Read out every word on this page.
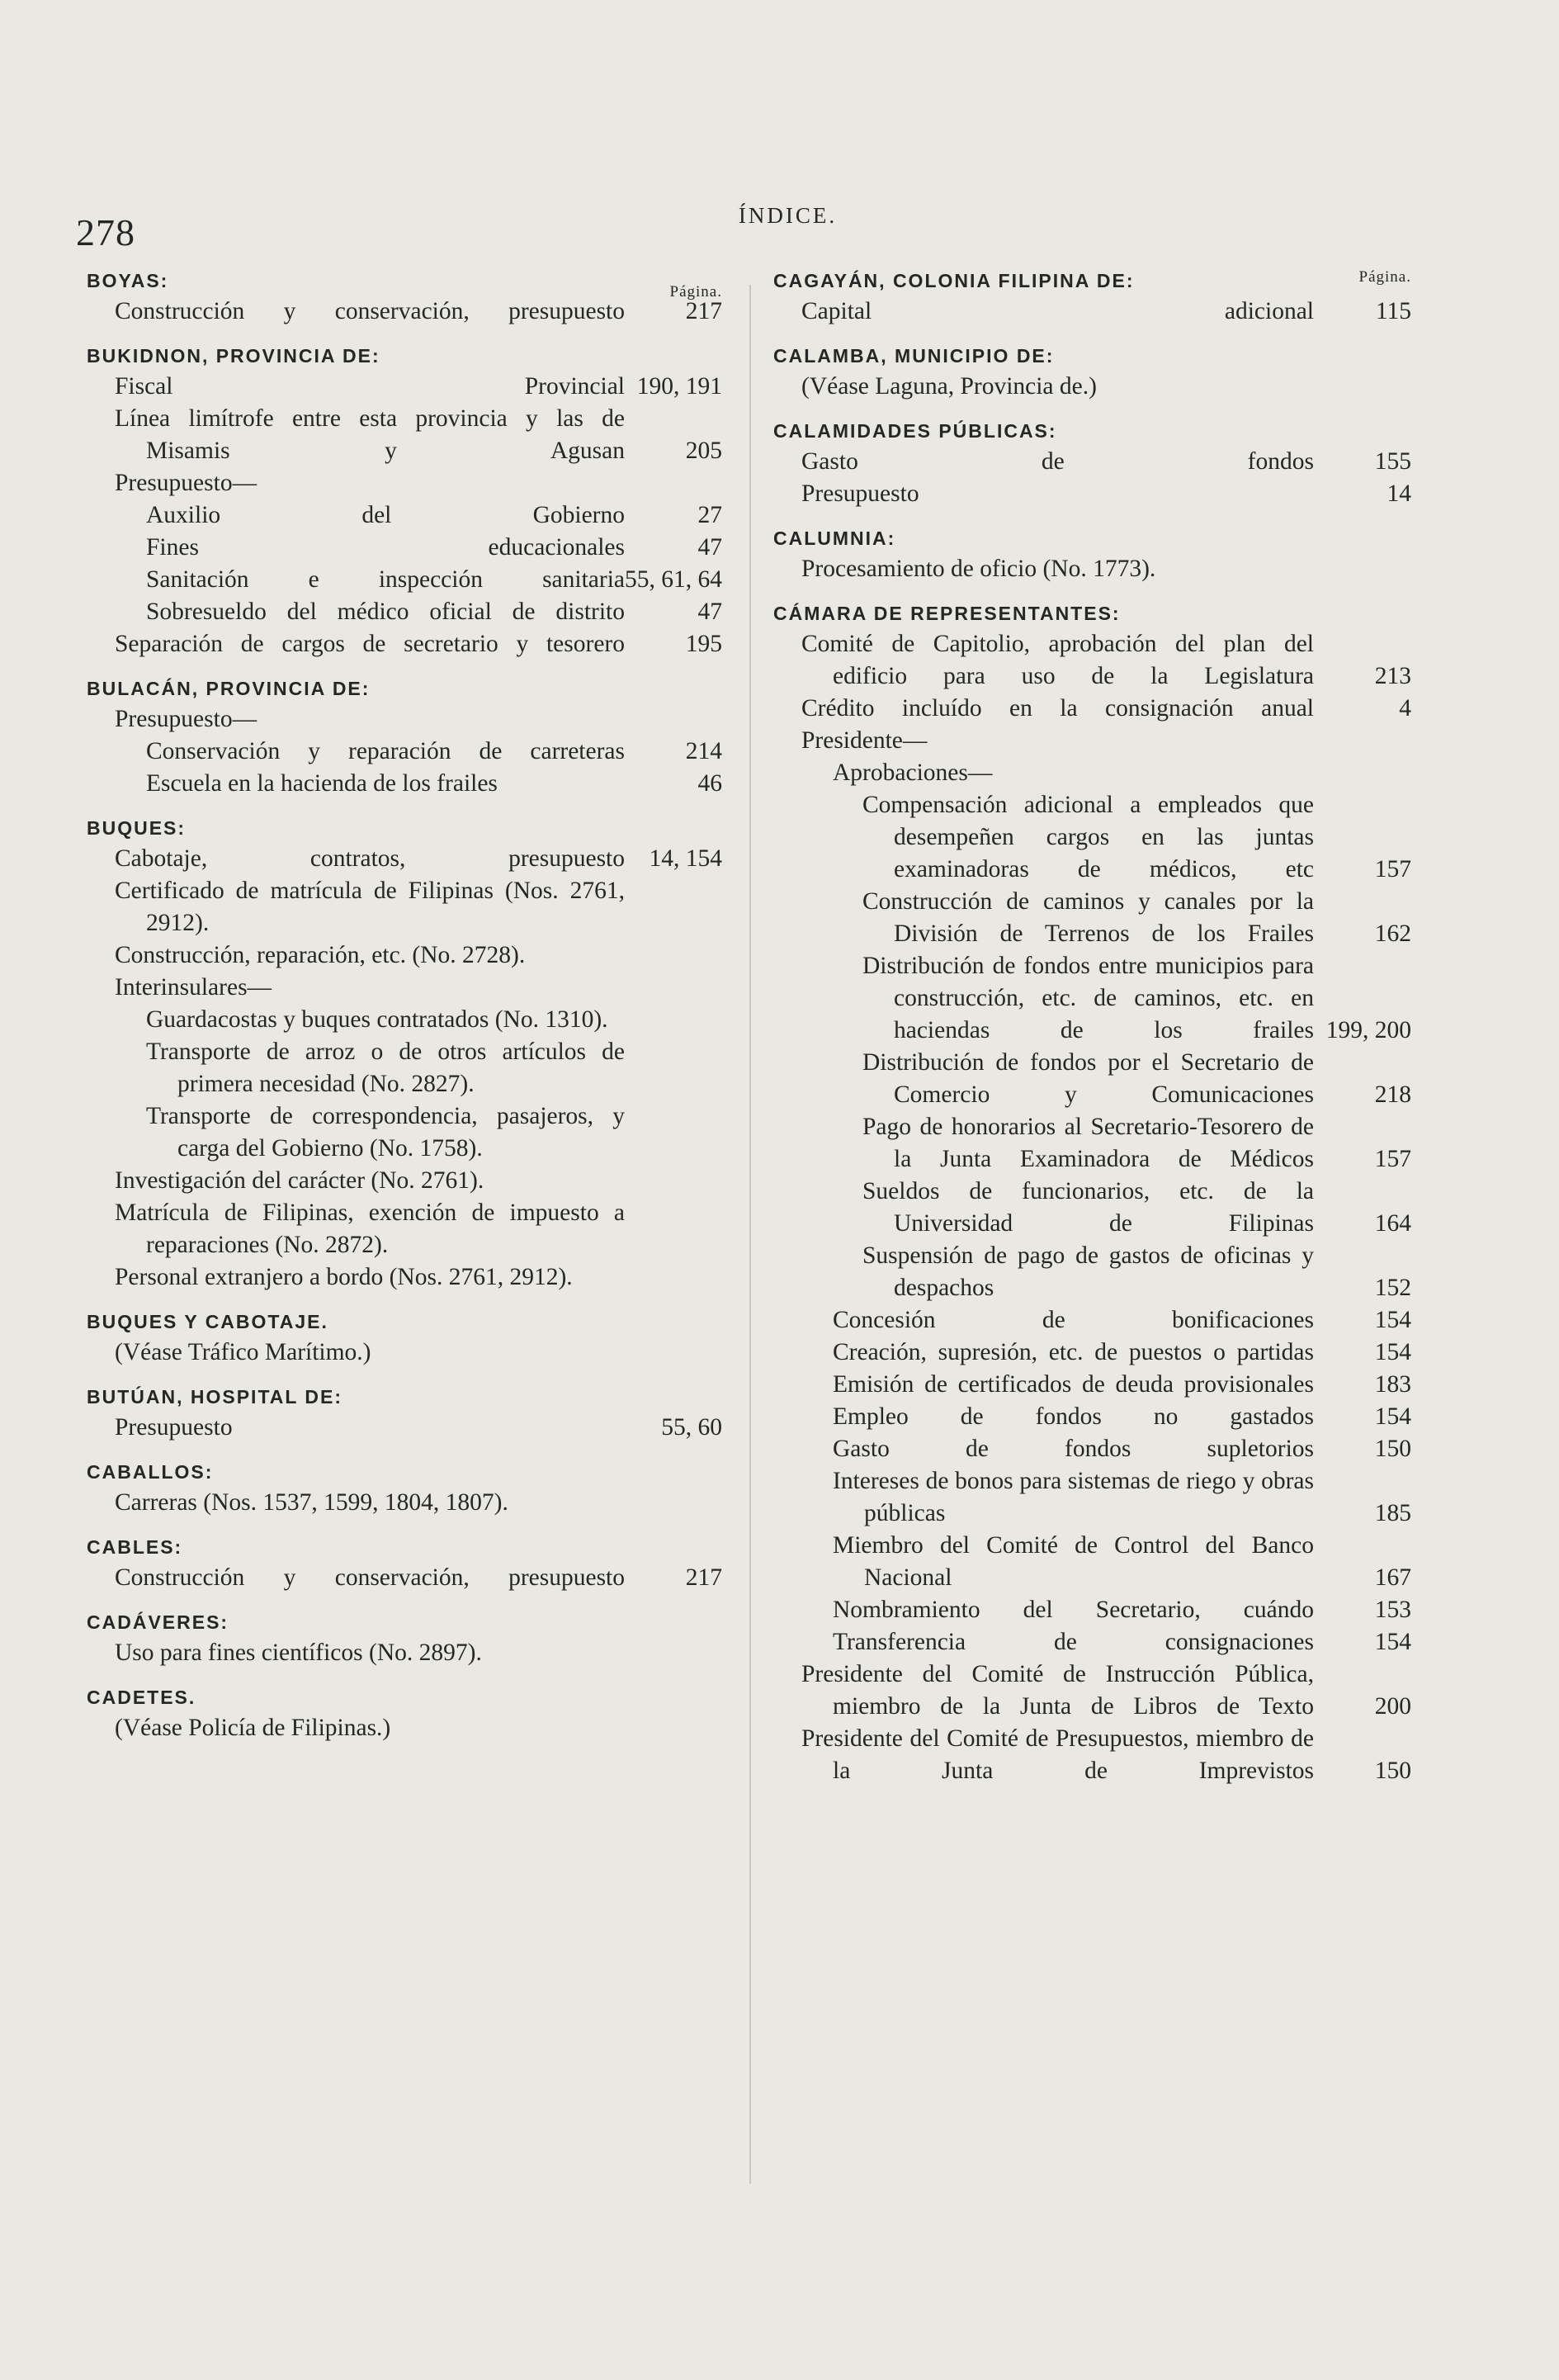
278	ÍNDICE.
Página.
BOYAS:
Construcción y conservación, presupuesto	217
BUKIDNON, PROVINCIA DE:
Fiscal Provincial 190, 191
Línea limítrofe entre esta provincia y las de Misamis y Agusan	205
Presupuesto—
Auxilio del Gobierno	27
Fines educacionales	47
Sanitación e inspección sanitaria 55, 61, 64
Sobresueldo del médico oficial de distrito	47
Separación de cargos de secretario y tesorero	195
BULACÁN, PROVINCIA DE:
Presupuesto—
Conservación y reparación de carreteras	214
Escuela en la hacienda de los frailes	46
BUQUES:
Cabotaje, contratos, presupuesto 14, 154
Certificado de matrícula de Filipinas (Nos. 2761, 2912).
Construcción, reparación, etc. (No. 2728).
Interinsulares—
Guardacostas y buques contratados (No. 1310).
Transporte de arroz o de otros artículos de primera necesidad (No. 2827).
Transporte de correspondencia, pasajeros, y carga del Gobierno (No. 1758).
Investigación del carácter (No. 2761).
Matrícula de Filipinas, exención de impuesto a reparaciones (No. 2872).
Personal extranjero a bordo (Nos. 2761, 2912).
BUQUES Y CABOTAJE.
(Véase Tráfico Marítimo.)
BUTÚAN, HOSPITAL DE:
Presupuesto	55, 60
CABALLOS:
Carreras (Nos. 1537, 1599, 1804, 1807).
CABLES:
Construcción y conservación, presupuesto	217
CADÁVERES:
Uso para fines científicos (No. 2897).
CADETES.
(Véase Policía de Filipinas.)
Página.
CAGAYÁN, COLONIA FILIPINA DE:
Capital adicional	115
CALAMBA, MUNICIPIO DE:
(Véase Laguna, Provincia de.)
CALAMIDADES PÚBLICAS:
Gasto de fondos	155
Presupuesto	14
CALUMNIA:
Procesamiento de oficio (No. 1773).
CÁMARA DE REPRESENTANTES:
Comité de Capitolio, aprobación del plan del edificio para uso de la Legislatura	213
Crédito incluído en la consignación anual	4
Presidente—
Aprobaciones—
Compensación adicional a empleados que desempeñen cargos en las juntas examinadoras de médicos, etc	157
Construcción de caminos y canales por la División de Terrenos de los Frailes	162
Distribución de fondos entre municipios para construcción, etc. de caminos, etc. en haciendas de los frailes 199, 200
Distribución de fondos por el Secretario de Comercio y Comunicaciones	218
Pago de honorarios al Secretario-Tesorero de la Junta Examinadora de Médicos	157
Sueldos de funcionarios, etc. de la Universidad de Filipinas	164
Suspensión de pago de gastos de oficinas y despachos	152
Concesión de bonificaciones	154
Creación, supresión, etc. de puestos o partidas	154
Emisión de certificados de deuda provisionales	183
Empleo de fondos no gastados	154
Gasto de fondos supletorios	150
Intereses de bonos para sistemas de riego y obras públicas	185
Miembro del Comité de Control del Banco Nacional	167
Nombramiento del Secretario, cuándo	153
Transferencia de consignaciones	154
Presidente del Comité de Instrucción Pública, miembro de la Junta de Libros de Texto	200
Presidente del Comité de Presupuestos, miembro de la Junta de Imprevistos	150
